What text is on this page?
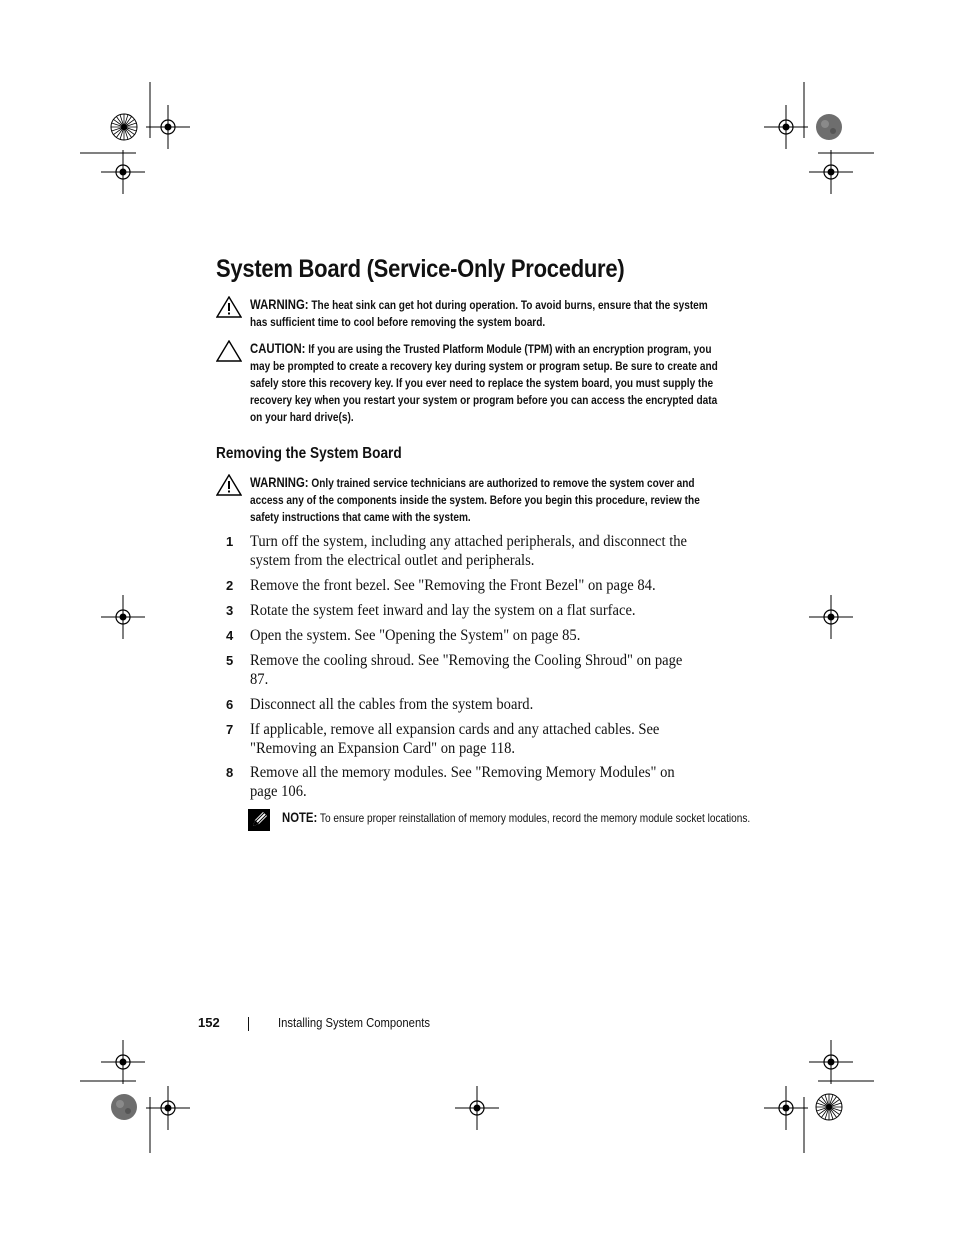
System Board (Service-Only Procedure)
WARNING: The heat sink can get hot during operation. To avoid burns, ensure that the system has sufficient time to cool before removing the system board.
CAUTION: If you are using the Trusted Platform Module (TPM) with an encryption program, you may be prompted to create a recovery key during system or program setup. Be sure to create and safely store this recovery key. If you ever need to replace the system board, you must supply the recovery key when you restart your system or program before you can access the encrypted data on your hard drive(s).
Removing the System Board
WARNING: Only trained service technicians are authorized to remove the system cover and access any of the components inside the system. Before you begin this procedure, review the safety instructions that came with the system.
1 Turn off the system, including any attached peripherals, and disconnect the system from the electrical outlet and peripherals.
2 Remove the front bezel. See "Removing the Front Bezel" on page 84.
3 Rotate the system feet inward and lay the system on a flat surface.
4 Open the system. See "Opening the System" on page 85.
5 Remove the cooling shroud. See "Removing the Cooling Shroud" on page 87.
6 Disconnect all the cables from the system board.
7 If applicable, remove all expansion cards and any attached cables. See "Removing an Expansion Card" on page 118.
8 Remove all the memory modules. See "Removing Memory Modules" on page 106.
NOTE: To ensure proper reinstallation of memory modules, record the memory module socket locations.
152	Installing System Components
